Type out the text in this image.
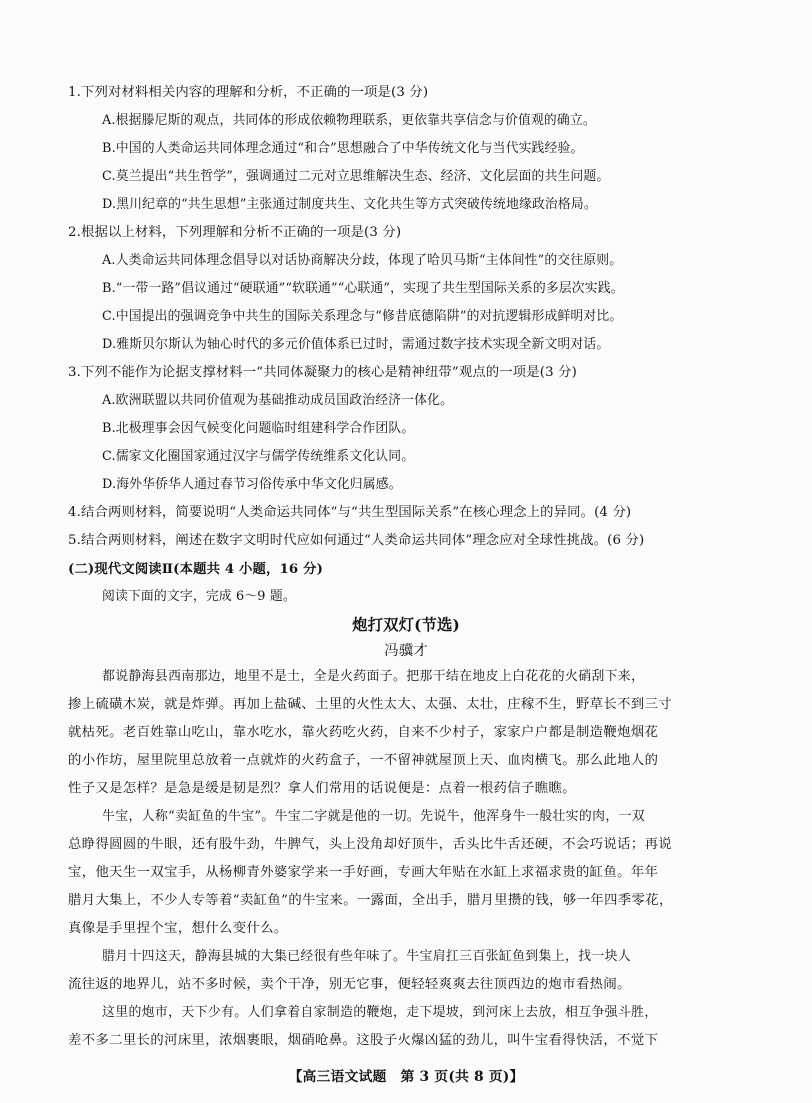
1.下列对材料相关内容的理解和分析，不正确的一项是(3 分)
A.根据滕尼斯的观点，共同体的形成依赖物理联系，更依靠共享信念与价值观的确立。
B.中国的人类命运共同体理念通过“和合”思想融合了中华传统文化与当代实践经验。
C.莫兰提出“共生哲学”，强调通过二元对立思维解决生态、经济、文化层面的共生问题。
D.黑川纪章的“共生思想”主张通过制度共生、文化共生等方式突破传统地缘政治格局。
2.根据以上材料，下列理解和分析不正确的一项是(3 分)
A.人类命运共同体理念倡导以对话协商解决分歧，体现了哈贝马斯“主体间性”的交往原则。
B.“一带一路”倡议通过“硬联通”“软联通”“心联通”，实现了共生型国际关系的多层次实践。
C.中国提出的强调竞争中共生的国际关系理念与“修昔底德陷阱”的对抗逻辑形成鲜明对比。
D.雅斯贝尔斯认为轴心时代的多元价值体系已过时，需通过数字技术实现全新文明对话。
3.下列不能作为论据支撑材料一“共同体凝聚力的核心是精神纽带”观点的一项是(3 分)
A.欧洲联盟以共同价值观为基础推动成员国政治经济一体化。
B.北极理事会因气候变化问题临时组建科学合作团队。
C.儒家文化圈国家通过汉字与儒学传统维系文化认同。
D.海外华侨华人通过春节习俗传承中华文化归属感。
4.结合两则材料，简要说明“人类命运共同体”与“共生型国际关系”在核心理念上的异同。(4 分)
5.结合两则材料，阐述在数字文明时代应如何通过“人类命运共同体”理念应对全球性挑战。(6 分)
(二)现代文阅读Ⅱ(本题共 4 小题，16 分)
阅读下面的文字，完成 6～9 题。
炮打双灯(节选)
冯骥才
都说静海县西南那边，地里不是土，全是火药面子。把那干结在地皮上白花花的火硝刮下来，
掺上硫磺木炭，就是炸弹。再加上盐碱、土里的火性太大、太强、太壮，庄稼不生，野草长不到三寸
就枯死。老百姓靠山吃山，靠水吃水，靠火药吃火药，自来不少村子，家家户户都是制造鞭炮烟花
的小作坊，屋里院里总放着一点就炸的火药盒子，一不留神就屋顶上天、血肉横飞。那么此地人的
性子又是怎样？是急是缓是韧是烈？拿人们常用的话说便是：点着一根药信子瞧瞧。
牛宝，人称“卖缸鱼的牛宝”。牛宝二字就是他的一切。先说牛，他浑身牛一般壮实的肉，一双
总睁得圆圆的牛眼，还有股牛劲，牛脾气，头上没角却好顶牛，舌头比牛舌还硬，不会巧说话；再说
宝，他天生一双宝手，从杨柳青外婆家学来一手好画，专画大年贴在水缸上求福求贵的缸鱼。年年
腊月大集上，不少人专等着“卖缸鱼”的牛宝来。一露面，全出手，腊月里攒的钱，够一年四季零花，
真像是手里捏个宝，想什么变什么。
腊月十四这天，静海县城的大集已经很有些年味了。牛宝肩扛三百张缸鱼到集上，找一块人
流往返的地界儿，站不多时候，卖个干净，别无它事，便轻轻爽爽去往顶西边的炮市看热闹。
这里的炮市，天下少有。人们拿着自家制造的鞭炮，走下堤坡，到河床上去放，相互争强斗胜，
差不多二里长的河床里，浓烟裹眼，烟硝呛鼻。这股子火爆凶猛的劲儿，叫牛宝看得快活，不觉下
【高三语文试题　第 3 页(共 8 页)】
